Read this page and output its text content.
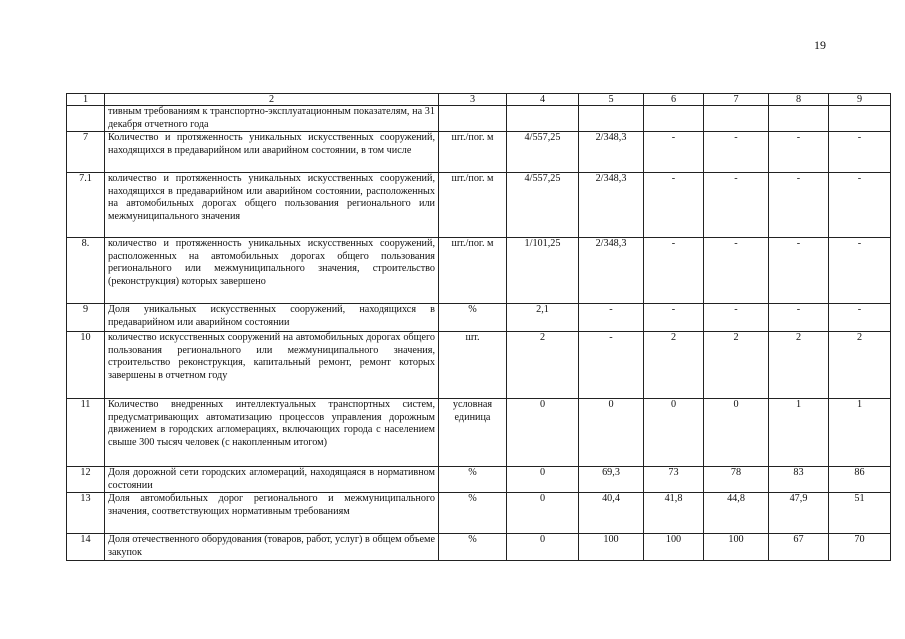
19
1	2	3	4	5	6	7	8	9
	тивным требованиям к транспортно-эксплуатационным показателям, на 31 декабря отчетного года							
7	Количество и протяженность уникальных искусственных сооружений, находящихся в предаварийном или аварийном состоянии, в том числе	шт./пог. м	4/557,25	2/348,3	-	-	-	-
7.1	количество и протяженность уникальных искусственных сооружений, находящихся в предаварийном или аварийном состоянии, расположенных на автомобильных дорогах общего пользования регионального или межмуниципального значения	шт./пог. м	4/557,25	2/348,3	-	-	-	-
8.	количество и протяженность уникальных искусственных сооружений, расположенных на автомобильных дорогах общего пользования регионального или межмуниципального значения, строительство (реконструкция) которых завершено	шт./пог. м	1/101,25	2/348,3	-	-	-	-
9	Доля уникальных искусственных сооружений, находящихся в предаварийном или аварийном состоянии	%	2,1	-	-	-	-	-
10	количество искусственных сооружений на автомобильных дорогах общего пользования регионального или межмуниципального значения, строительство реконструкция, капитальный ремонт, ремонт которых завершены в отчетном году	шт.	2	-	2	2	2	2
11	Количество внедренных интеллектуальных транспортных систем, предусматривающих автоматизацию процессов управления дорожным движением в городских агломерациях, включающих города с населением свыше 300 тысяч человек (с накопленным итогом)	условная единица	0	0	0	0	1	1
12	Доля дорожной сети городских агломераций, находящаяся в нормативном состоянии	%	0	69,3	73	78	83	86
13	Доля автомобильных дорог регионального и межмуниципального значения, соответствующих нормативным требованиям	%	0	40,4	41,8	44,8	47,9	51
14	Доля отечественного оборудования (товаров, работ, услуг) в общем объеме закупок	%	0	100	100	100	67	70
